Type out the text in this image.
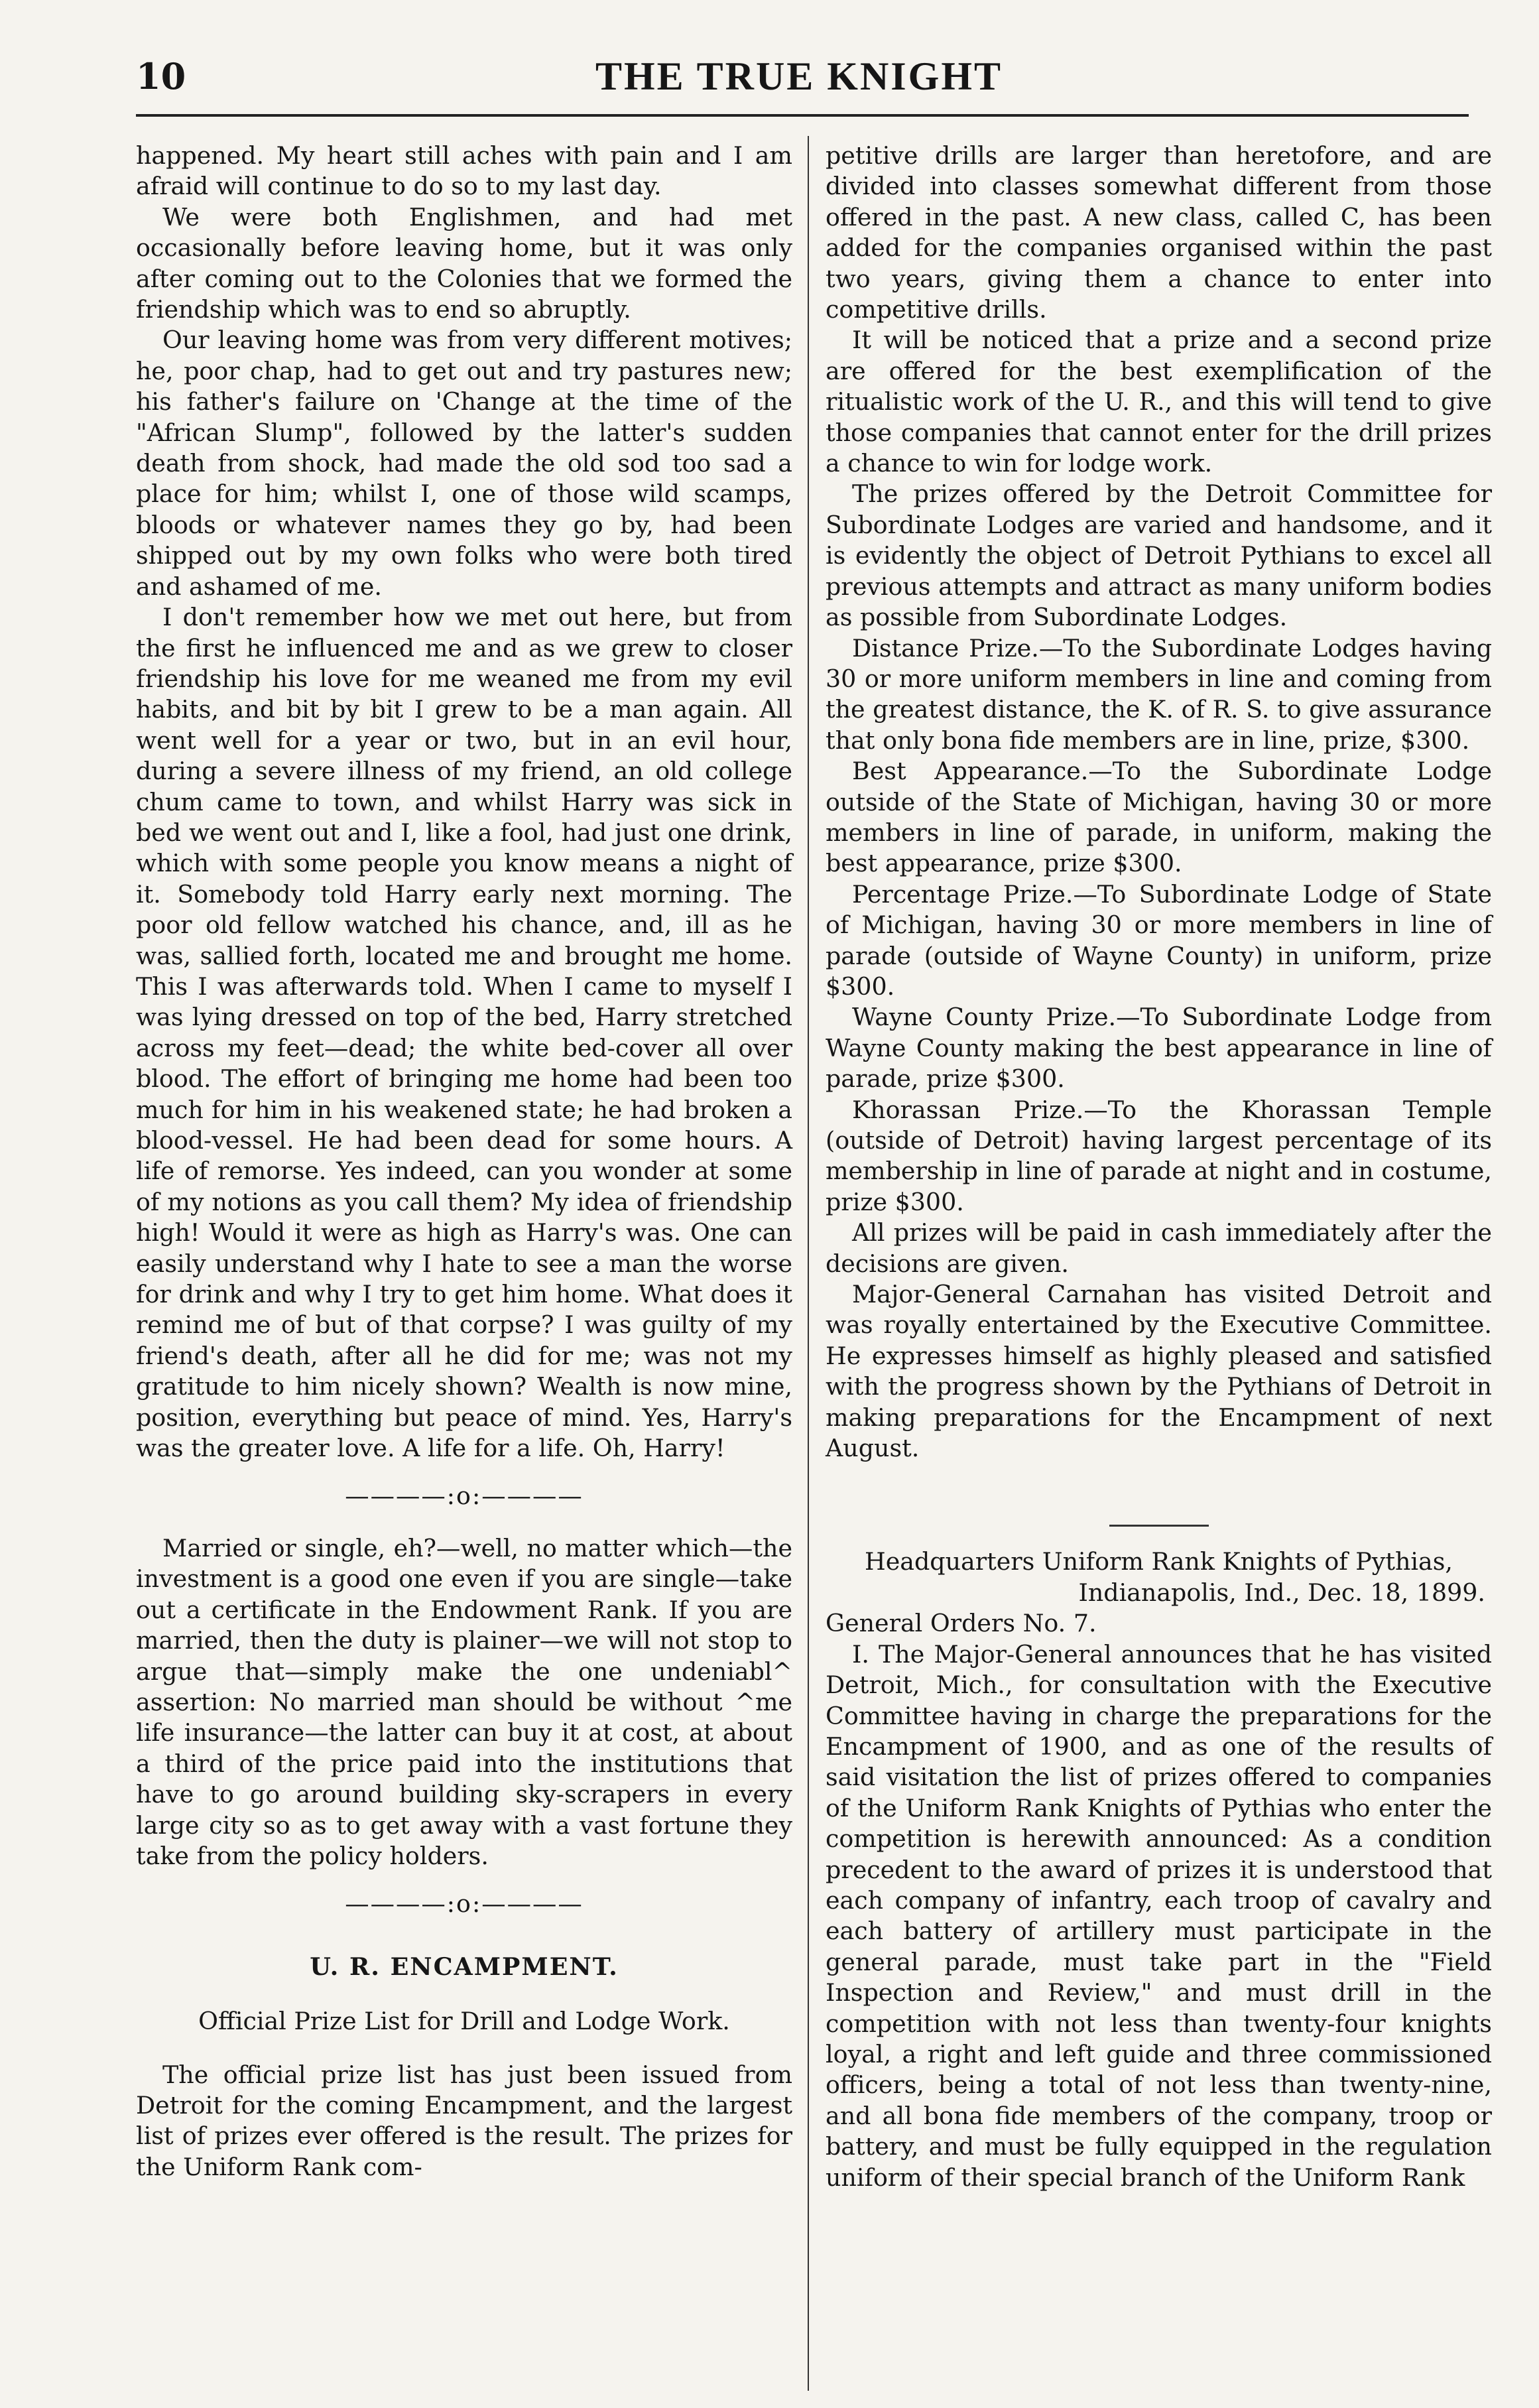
10	THE TRUE KNIGHT

happened. My heart still aches with pain and I am afraid will continue to do so to my last day.

We were both Englishmen, and had met occasionally before leaving home, but it was only after coming out to the Colonies that we formed the friendship which was to end so abruptly.

Our leaving home was from very different motives; he, poor chap, had to get out and try pastures new; his father's failure on 'Change at the time of the "African Slump", followed by the latter's sudden death from shock, had made the old sod too sad a place for him; whilst I, one of those wild scamps, bloods or whatever names they go by, had been shipped out by my own folks who were both tired and ashamed of me.

I don't remember how we met out here, but from the first he influenced me and as we grew to closer friendship his love for me weaned me from my evil habits, and bit by bit I grew to be a man again. All went well for a year or two, but in an evil hour, during a severe illness of my friend, an old college chum came to town, and whilst Harry was sick in bed we went out and I, like a fool, had just one drink, which with some people you know means a night of it. Somebody told Harry early next morning. The poor old fellow watched his chance, and, ill as he was, sallied forth, located me and brought me home. This I was afterwards told. When I came to myself I was lying dressed on top of the bed, Harry stretched across my feet—dead; the white bed-cover all over blood. The effort of bringing me home had been too much for him in his weakened state; he had broken a blood-vessel. He had been dead for some hours. A life of remorse. Yes indeed, can you wonder at some of my notions as you call them? My idea of friendship high! Would it were as high as Harry's was. One can easily understand why I hate to see a man the worse for drink and why I try to get him home. What does it remind me of but of that corpse? I was guilty of my friend's death, after all he did for me; was not my gratitude to him nicely shown? Wealth is now mine, position, everything but peace of mind. Yes, Harry's was the greater love. A life for a life. Oh, Harry!

————:o:————

Married or single, eh?—well, no matter which—the investment is a good one even if you are single—take out a certificate in the Endowment Rank. If you are married, then the duty is plainer—we will not stop to argue that—simply make the one undeniabl^ assertion: No married man should be without ^me life insurance—the latter can buy it at cost, at about a third of the price paid into the institutions that have to go around building sky-scrapers in every large city so as to get away with a vast fortune they take from the policy holders.

————:o:————
U. R. ENCAMPMENT.
Official Prize List for Drill and Lodge Work.

The official prize list has just been issued from Detroit for the coming Encampment, and the largest list of prizes ever offered is the result. The prizes for the Uniform Rank com-

petitive drills are larger than heretofore, and are divided into classes somewhat different from those offered in the past. A new class, called C, has been added for the companies organised within the past two years, giving them a chance to enter into competitive drills.

It will be noticed that a prize and a second prize are offered for the best exemplification of the ritualistic work of the U. R., and this will tend to give those companies that cannot enter for the drill prizes a chance to win for lodge work.

The prizes offered by the Detroit Committee for Subordinate Lodges are varied and handsome, and it is evidently the object of Detroit Pythians to excel all previous attempts and attract as many uniform bodies as possible from Subordinate Lodges.

Distance Prize.—To the Subordinate Lodges having 30 or more uniform members in line and coming from the greatest distance, the K. of R. S. to give assurance that only bona fide members are in line, prize, $300.

Best Appearance.—To the Subordinate Lodge outside of the State of Michigan, having 30 or more members in line of parade, in uniform, making the best appearance, prize $300.

Percentage Prize.—To Subordinate Lodge of State of Michigan, having 30 or more members in line of parade (outside of Wayne County) in uniform, prize $300.

Wayne County Prize.—To Subordinate Lodge from Wayne County making the best appearance in line of parade, prize $300.

Khorassan Prize.—To the Khorassan Temple (outside of Detroit) having largest percentage of its membership in line of parade at night and in costume, prize $300.

All prizes will be paid in cash immediately after the decisions are given.

Major-General Carnahan has visited Detroit and was royally entertained by the Executive Committee. He expresses himself as highly pleased and satisfied with the progress shown by the Pythians of Detroit in making preparations for the Encampment of next August.

Headquarters Uniform Rank Knights of Pythias,
Indianapolis, Ind., Dec. 18, 1899.

General Orders No. 7.

I. The Major-General announces that he has visited Detroit, Mich., for consultation with the Executive Committee having in charge the preparations for the Encampment of 1900, and as one of the results of said visitation the list of prizes offered to companies of the Uniform Rank Knights of Pythias who enter the competition is herewith announced: As a condition precedent to the award of prizes it is understood that each company of infantry, each troop of cavalry and each battery of artillery must participate in the general parade, must take part in the "Field Inspection and Review," and must drill in the competition with not less than twenty-four knights loyal, a right and left guide and three commissioned officers, being a total of not less than twenty-nine, and all bona fide members of the company, troop or battery, and must be fully equipped in the regulation uniform of their special branch of the Uniform Rank
